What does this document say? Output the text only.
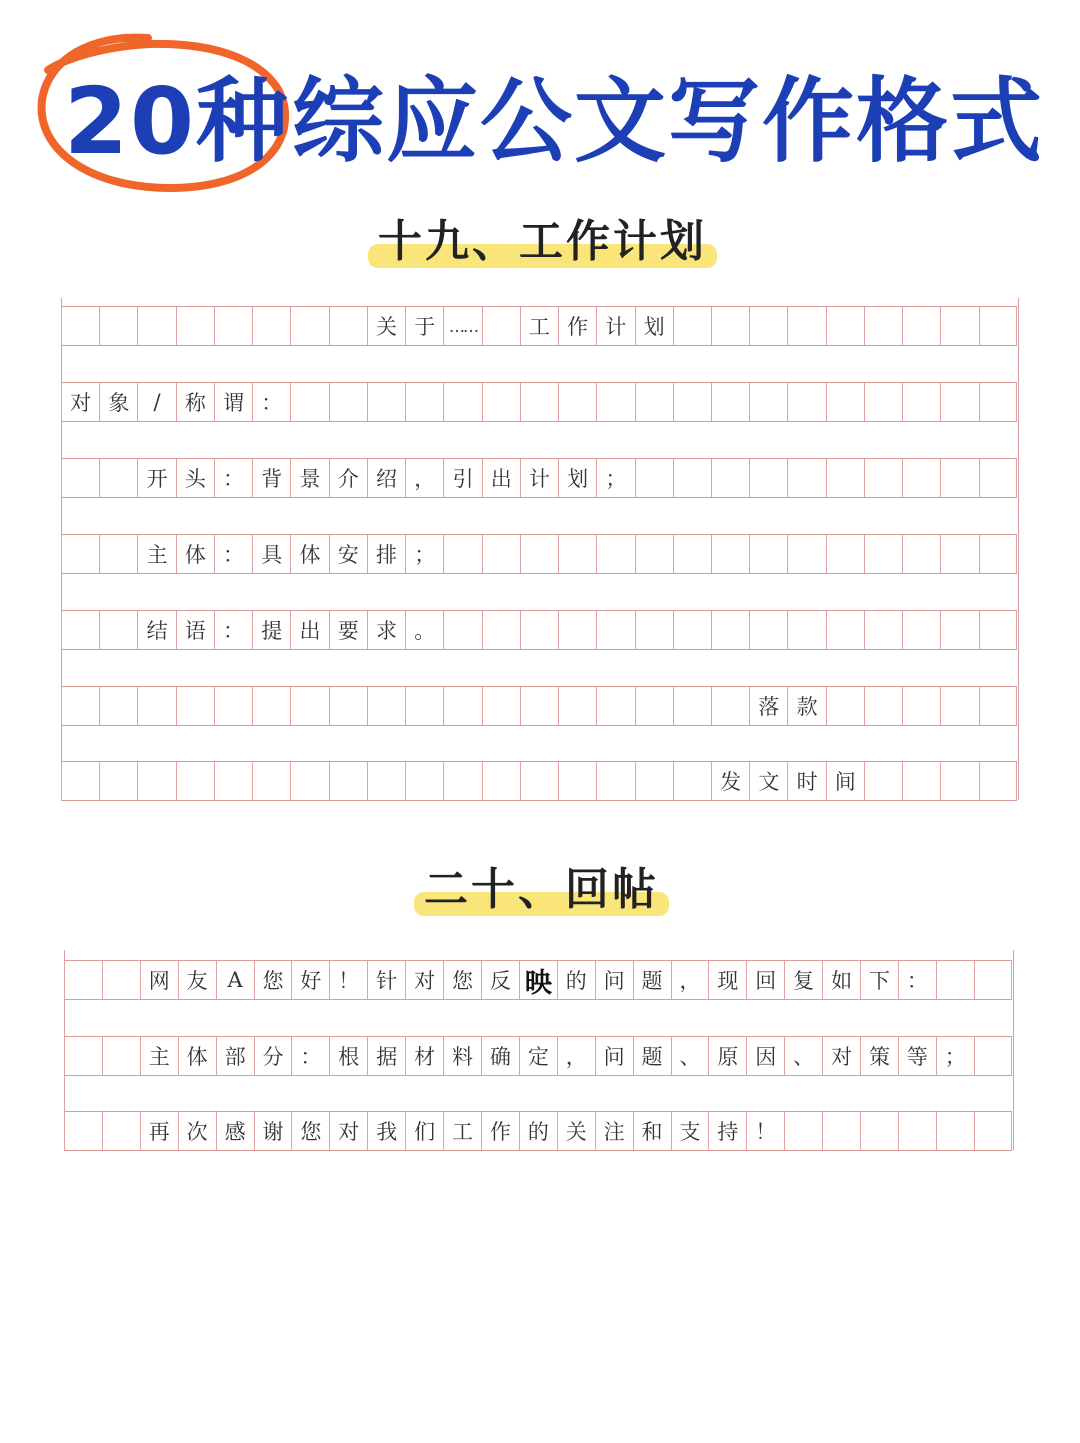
20种 综应公文写作格式
十九、工作计划
关 于 ……	工 作 计 划
对 象	/	称 谓 ：
开 头 ： 背 景 介 绍 ， 引 出 计 划 ；
主 体 ： 具 体 安 排 ；
结 语 ： 提 出 要 求 。
落 款
发 文 时 间
二十、回帖
网 友 A 您 好 ！ 针 对 您 反 映 的 问 题 ， 现 回 复 如 下 ：
主 体 部 分 ： 根 据 材 料 确 定 ， 问 题 、 原 因 、 对 策 等 ；
再 次 感 谢 您 对 我 们 工 作 的 关 注 和 支 持 ！
